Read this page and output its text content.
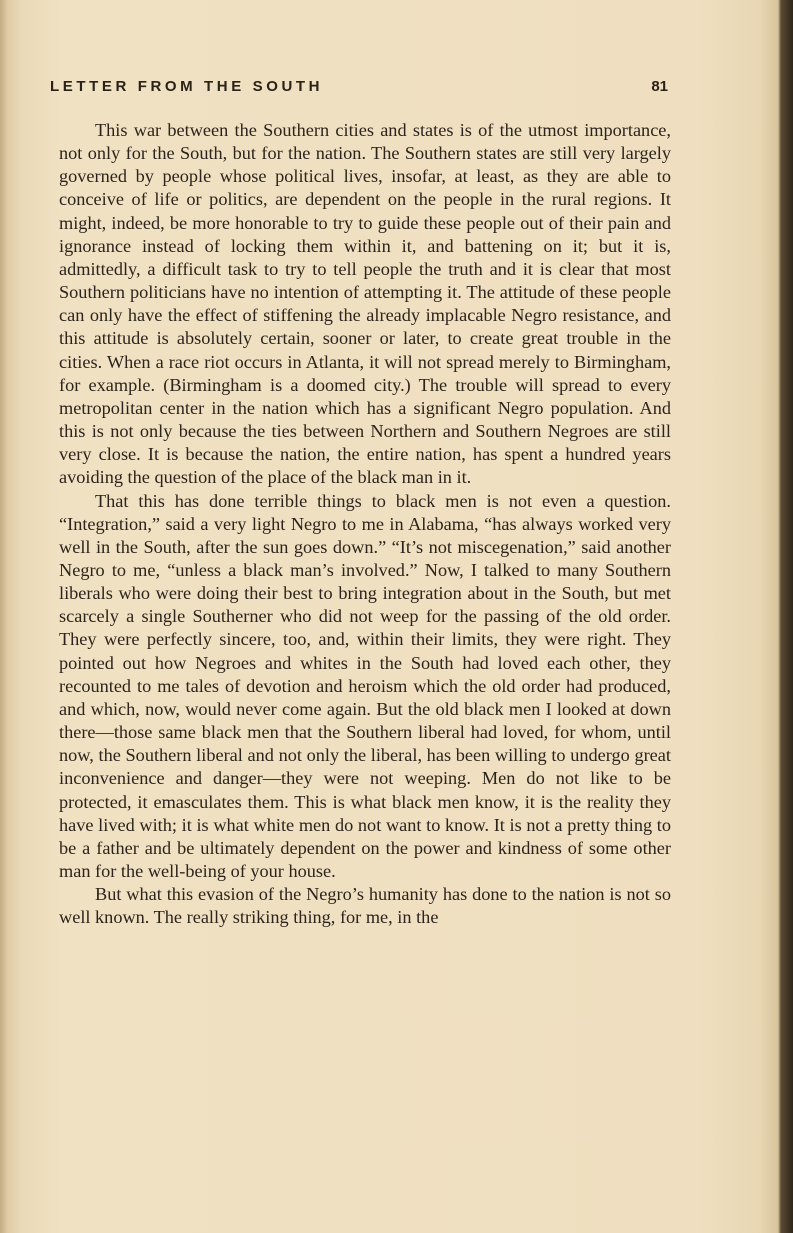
LETTER FROM THE SOUTH	81

This war between the Southern cities and states is of the utmost importance, not only for the South, but for the nation. The Southern states are still very largely governed by people whose political lives, insofar, at least, as they are able to conceive of life or politics, are dependent on the people in the rural regions. It might, indeed, be more honorable to try to guide these people out of their pain and ignorance instead of locking them within it, and battening on it; but it is, admittedly, a difficult task to try to tell people the truth and it is clear that most Southern politicians have no intention of attempting it. The attitude of these people can only have the effect of stiffening the already implacable Negro resistance, and this attitude is absolutely certain, sooner or later, to create great trouble in the cities. When a race riot occurs in Atlanta, it will not spread merely to Birmingham, for example. (Birmingham is a doomed city.) The trouble will spread to every metropolitan center in the nation which has a significant Negro population. And this is not only because the ties between Northern and Southern Negroes are still very close. It is because the nation, the entire nation, has spent a hundred years avoiding the question of the place of the black man in it.

That this has done terrible things to black men is not even a question. “Integration,” said a very light Negro to me in Alabama, “has always worked very well in the South, after the sun goes down.” “It’s not miscegenation,” said another Negro to me, “unless a black man’s involved.” Now, I talked to many Southern liberals who were doing their best to bring integration about in the South, but met scarcely a single Southerner who did not weep for the passing of the old order. They were perfectly sincere, too, and, within their limits, they were right. They pointed out how Negroes and whites in the South had loved each other, they recounted to me tales of devotion and heroism which the old order had produced, and which, now, would never come again. But the old black men I looked at down there—those same black men that the Southern liberal had loved, for whom, until now, the Southern liberal and not only the liberal, has been willing to undergo great inconvenience and danger—they were not weeping. Men do not like to be protected, it emasculates them. This is what black men know, it is the reality they have lived with; it is what white men do not want to know. It is not a pretty thing to be a father and be ultimately dependent on the power and kindness of some other man for the well-being of your house.

But what this evasion of the Negro’s humanity has done to the nation is not so well known. The really striking thing, for me, in the
